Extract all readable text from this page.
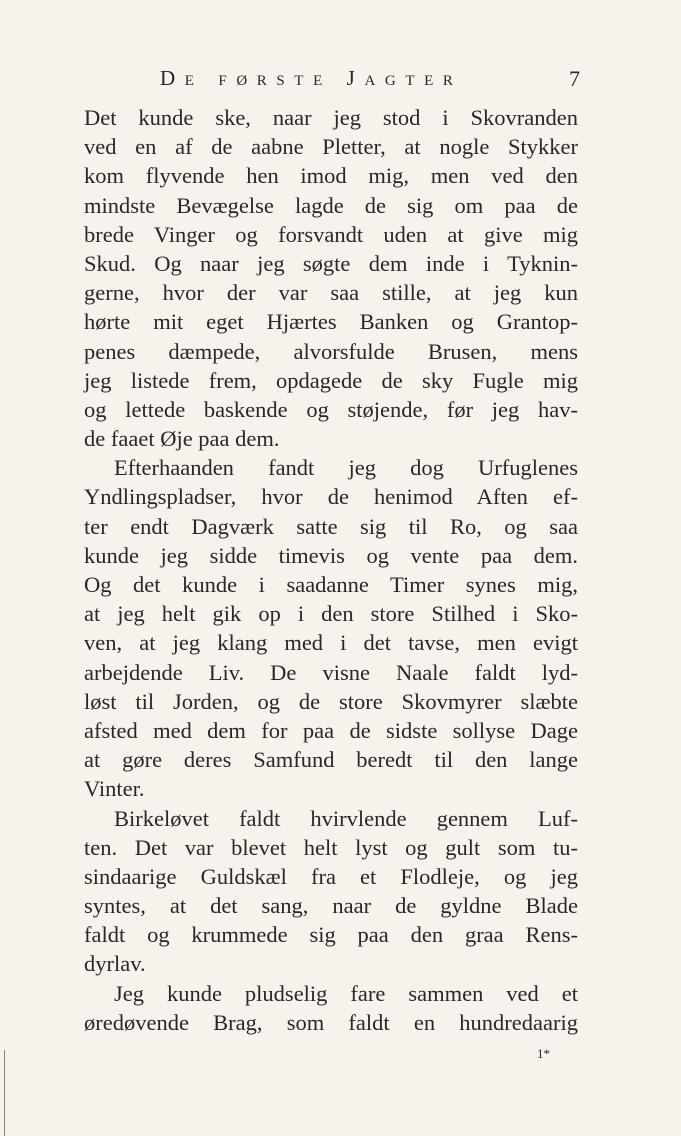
De første Jagter	7
Det kunde ske, naar jeg stod i Skovranden
ved en af de aabne Pletter, at nogle Stykker
kom flyvende hen imod mig, men ved den
mindste Bevægelse lagde de sig om paa de
brede Vinger og forsvandt uden at give mig
Skud. Og naar jeg søgte dem inde i Tyknin-
gerne, hvor der var saa stille, at jeg kun
hørte mit eget Hjærtes Banken og Grantop-
penes dæmpede, alvorsfulde Brusen, mens
jeg listede frem, opdagede de sky Fugle mig
og lettede baskende og støjende, før jeg hav-
de faaet Øje paa dem.
Efterhaanden fandt jeg dog Urfuglenes
Yndlingspladser, hvor de henimod Aften ef-
ter endt Dagværk satte sig til Ro, og saa
kunde jeg sidde timevis og vente paa dem.
Og det kunde i saadanne Timer synes mig,
at jeg helt gik op i den store Stilhed i Sko-
ven, at jeg klang med i det tavse, men evigt
arbejdende Liv. De visne Naale faldt lyd-
løst til Jorden, og de store Skovmyrer slæbte
afsted med dem for paa de sidste sollyse Dage
at gøre deres Samfund beredt til den lange
Vinter.
Birkeløvet faldt hvirvlende gennem Luf-
ten. Det var blevet helt lyst og gult som tu-
sindaarige Guldskæl fra et Flodleje, og jeg
syntes, at det sang, naar de gyldne Blade
faldt og krummede sig paa den graa Rens-
dyrlav.
Jeg kunde pludselig fare sammen ved et
øredøvende Brag, som faldt en hundredaarig
1*
